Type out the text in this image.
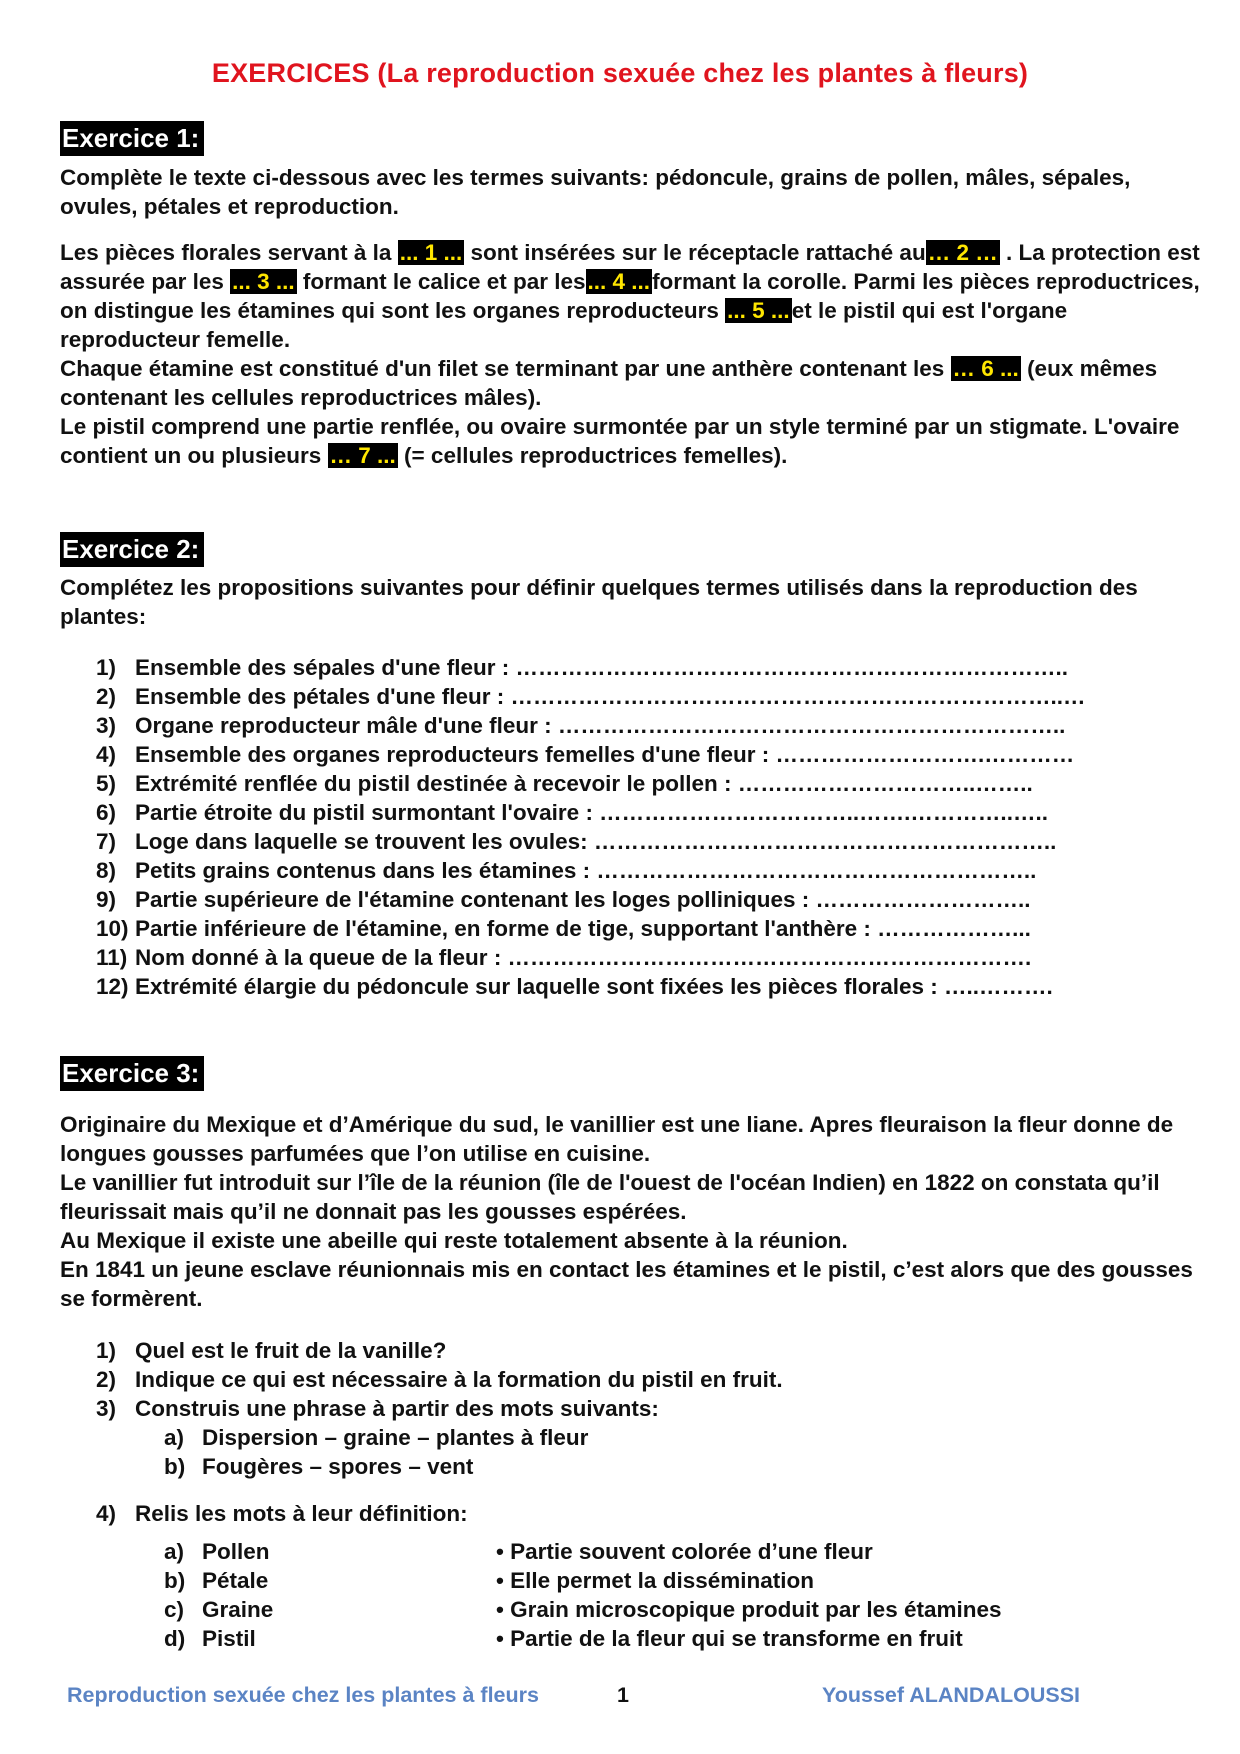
EXERCICES (La reproduction sexuée chez les plantes à fleurs)
Exercice 1:

Complète le texte ci-dessous avec les termes suivants: pédoncule, grains de pollen, mâles, sépales, ovules, pétales et reproduction.

Les pièces florales servant à la ... 1 ... sont insérées sur le réceptacle rattaché au… 2 … . La protection est assurée par les ... 3 ... formant le calice et par les... 4 ...formant la corolle. Parmi les pièces reproductrices, on distingue les étamines qui sont les organes reproducteurs ... 5 ...et le pistil qui est l'organe reproducteur femelle.

Chaque étamine est constitué d'un filet se terminant par une anthère contenant les … 6 ... (eux mêmes contenant les cellules reproductrices mâles).

Le pistil comprend une partie renflée, ou ovaire surmontée par un style terminé par un stigmate. L'ovaire contient un ou plusieurs … 7 ... (= cellules reproductrices femelles).

Exercice 2:

Complétez les propositions suivantes pour définir quelques termes utilisés dans la reproduction des plantes:

1) Ensemble des sépales d'une fleur : ………………………………………………………………..
2) Ensemble des pétales d'une fleur : ………………………………………………………………..…
3) Organe reproducteur mâle d'une fleur : …………………………………………………………..
4) Ensemble des organes reproducteurs femelles d'une fleur : ……………………….…………
5) Extrémité renflée du pistil destinée à recevoir le pollen : …………………………..……..
6) Partie étroite du pistil surmontant l'ovaire : ……………………………..…….…………..…..
7) Loge dans laquelle se trouvent les ovules: ……………………………………………………..
8) Petits grains contenus dans les étamines : …………………………………………………..
9) Partie supérieure de l'étamine contenant les loges polliniques : ………………………..
10) Partie inférieure de l'étamine, en forme de tige, supportant l'anthère : ………………...
11) Nom donné à la queue de la fleur : …………………………………………………………….
12) Extrémité élargie du pédoncule sur laquelle sont fixées les pièces florales : …..……….
Exercice 3:

Originaire du Mexique et d’Amérique du sud, le vanillier est une liane. Apres fleuraison la fleur donne de longues gousses parfumées que l’on utilise en cuisine.

Le vanillier fut introduit sur l’île de la réunion (île de l'ouest de l'océan Indien) en 1822 on constata qu’il fleurissait mais qu’il ne donnait pas les gousses espérées.

Au Mexique il existe une abeille qui reste totalement absente à la réunion.

En 1841 un jeune esclave réunionnais mis en contact les étamines et le pistil, c’est alors que des gousses se formèrent.

1) Quel est le fruit de la vanille?
2) Indique ce qui est nécessaire à la formation du pistil en fruit.
3) Construis une phrase à partir des mots suivants:
a) Dispersion – graine – plantes à fleur
b) Fougères – spores – vent
4) Relis les mots à leur définition:
a) Pollen
b) Pétale
c) Graine
d) Pistil
• Partie souvent colorée d’une fleur
• Elle permet la dissémination
• Grain microscopique produit par les étamines
• Partie de la fleur qui se transforme en fruit
Reproduction sexuée chez les plantes à fleurs	1	Youssef ALANDALOUSSI
